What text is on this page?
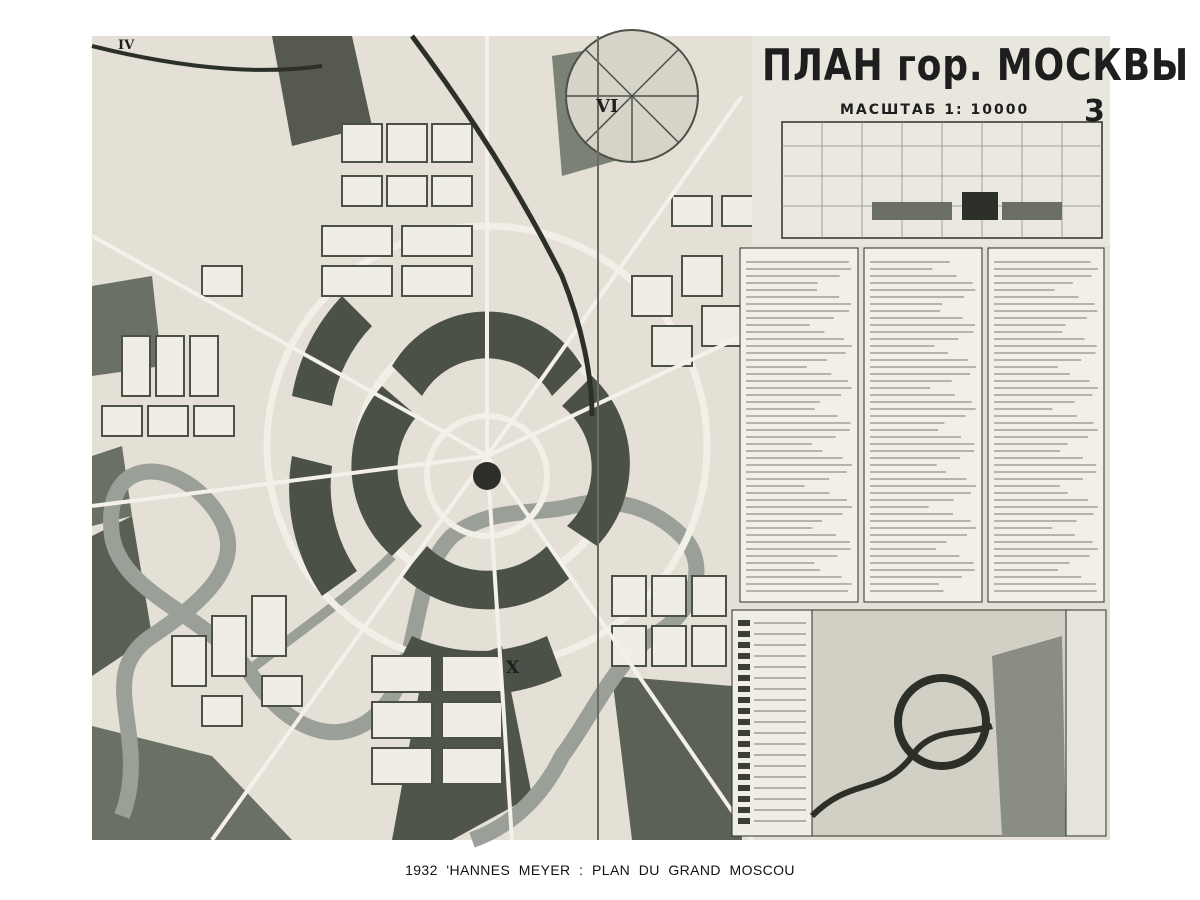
ПЛАН гор. МОСКВЫ
МАСШТАБ 1: 10000 3
IV
VI
X
1932  'HANNES  MEYER  :  PLAN  DU  GRAND  MOSCOU
